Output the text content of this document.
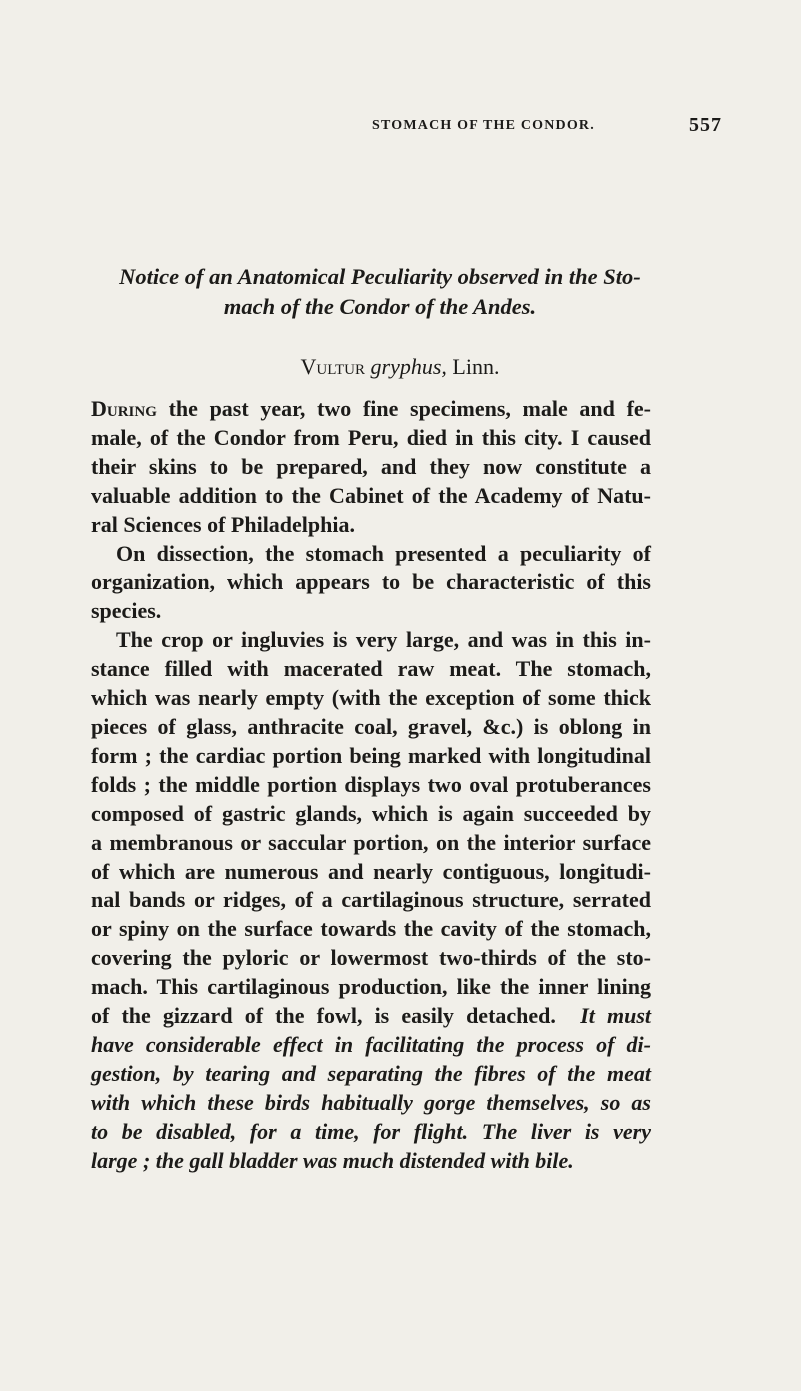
STOMACH OF THE CONDOR.	557
Notice of an Anatomical Peculiarity observed in the Sto-
mach of the Condor of the Andes.

Vultur gryphus, Linn.

During the past year, two fine specimens, male and fe-
male, of the Condor from Peru, died in this city. I caused
their skins to be prepared, and they now constitute a
valuable addition to the Cabinet of the Academy of Natu-
ral Sciences of Philadelphia.
On dissection, the stomach presented a peculiarity of
organization, which appears to be characteristic of this
species.
The crop or ingluvies is very large, and was in this in-
stance filled with macerated raw meat. The stomach,
which was nearly empty (with the exception of some thick
pieces of glass, anthracite coal, gravel, &c.) is oblong in
form ; the cardiac portion being marked with longitudinal
folds ; the middle portion displays two oval protuberances
composed of gastric glands, which is again succeeded by
a membranous or saccular portion, on the interior surface
of which are numerous and nearly contiguous, longitudi-
nal bands or ridges, of a cartilaginous structure, serrated
or spiny on the surface towards the cavity of the stomach,
covering the pyloric or lowermost two-thirds of the sto-
mach. This cartilaginous production, like the inner lining
of the gizzard of the fowl, is easily detached. It must
have considerable effect in facilitating the process of di-
gestion, by tearing and separating the fibres of the meat
with which these birds habitually gorge themselves, so as
to be disabled, for a time, for flight. The liver is very
large ; the gall bladder was much distended with bile.
